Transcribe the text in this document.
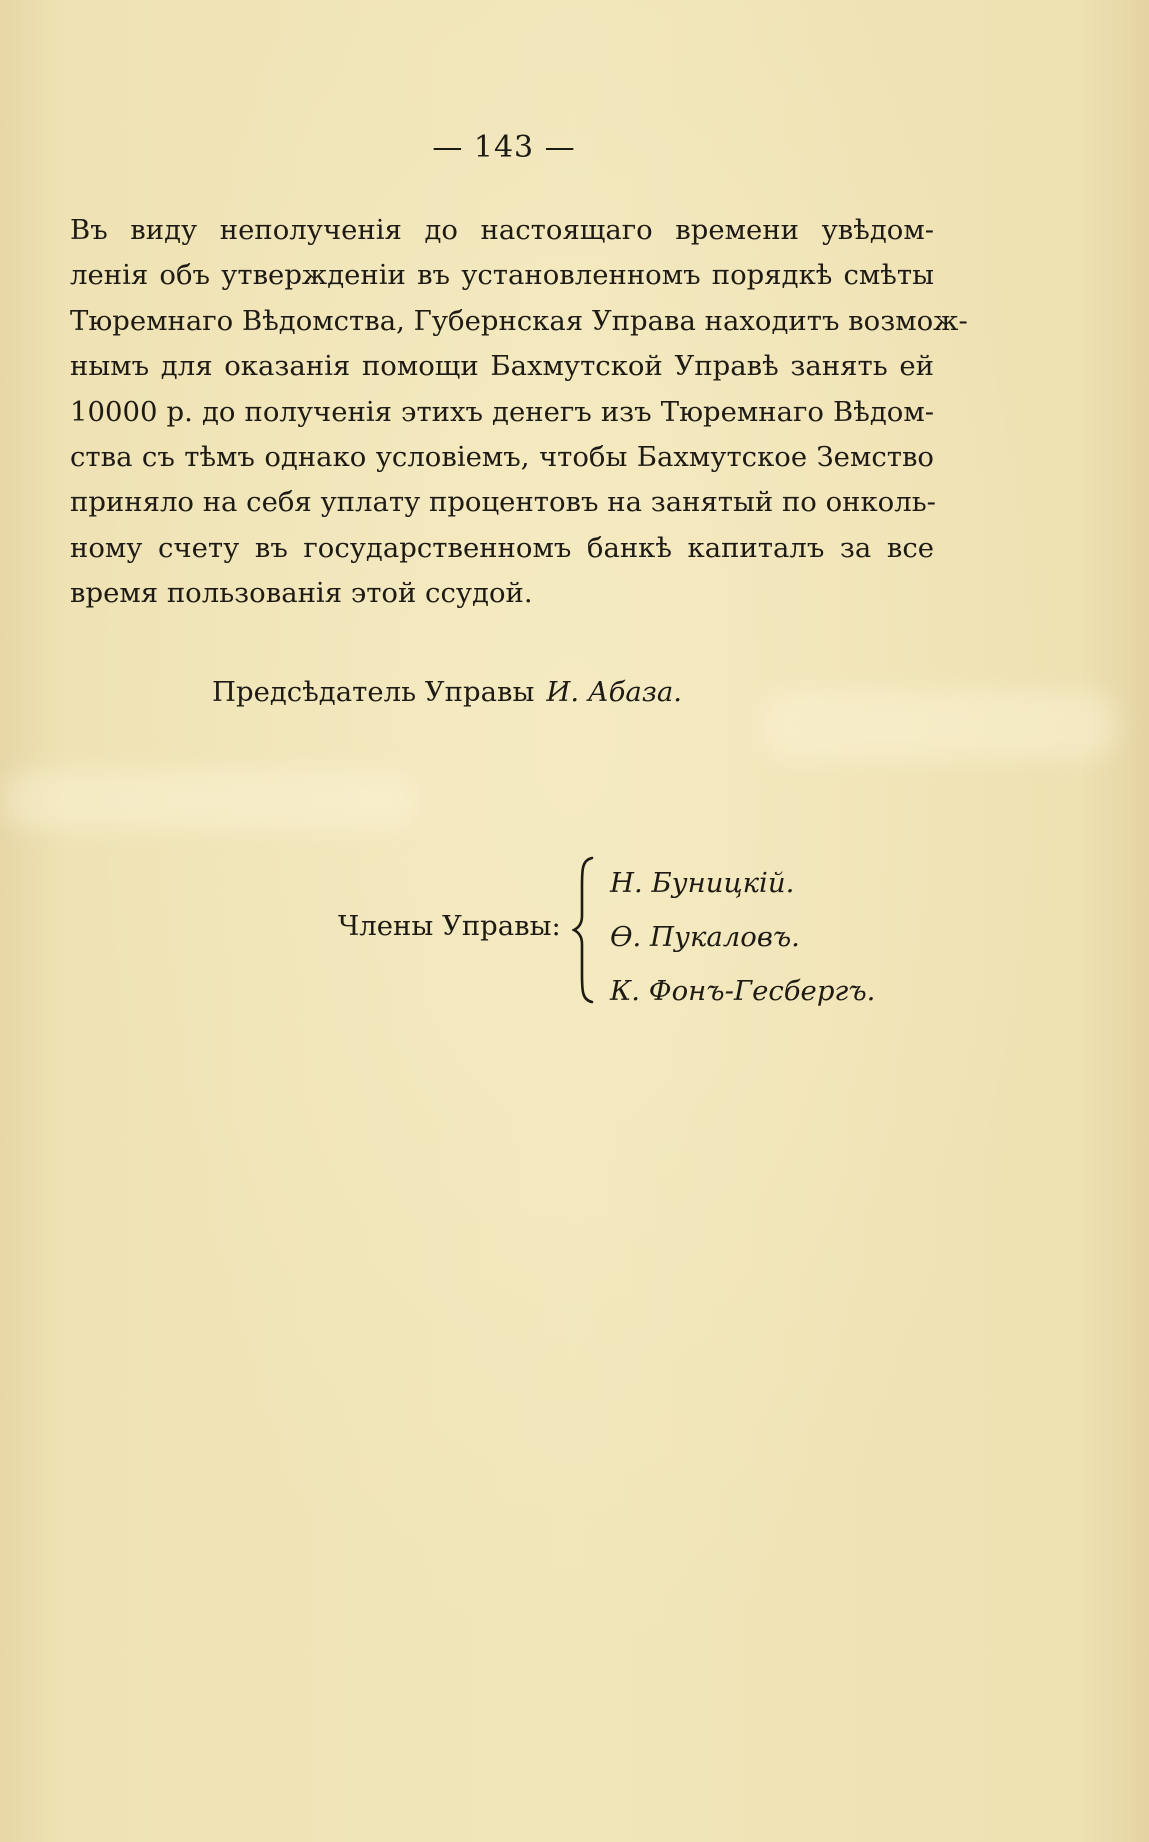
— 143 —

Въ виду неполученія до настоящаго времени увѣдом-
ленія объ утвержденіи въ установленномъ порядкѣ смѣты
Тюремнаго Вѣдомства, Губернская Управа находитъ возмож-
нымъ для оказанія помощи Бахмутской Управѣ занять ей
10000 р. до полученія этихъ денегъ изъ Тюремнаго Вѣдом-
ства съ тѣмъ однако условіемъ, чтобы Бахмутское Земство
приняло на себя уплату процентовъ на занятый по онколь-
ному счету въ государственномъ банкѣ капиталъ за все
время пользованія этой ссудой.

Предсѣдатель Управы И. Абаза.
Члены Управы:
Н. Буницкій.
Ѳ. Пукаловъ.
К. Фонъ-Гесбергъ.
